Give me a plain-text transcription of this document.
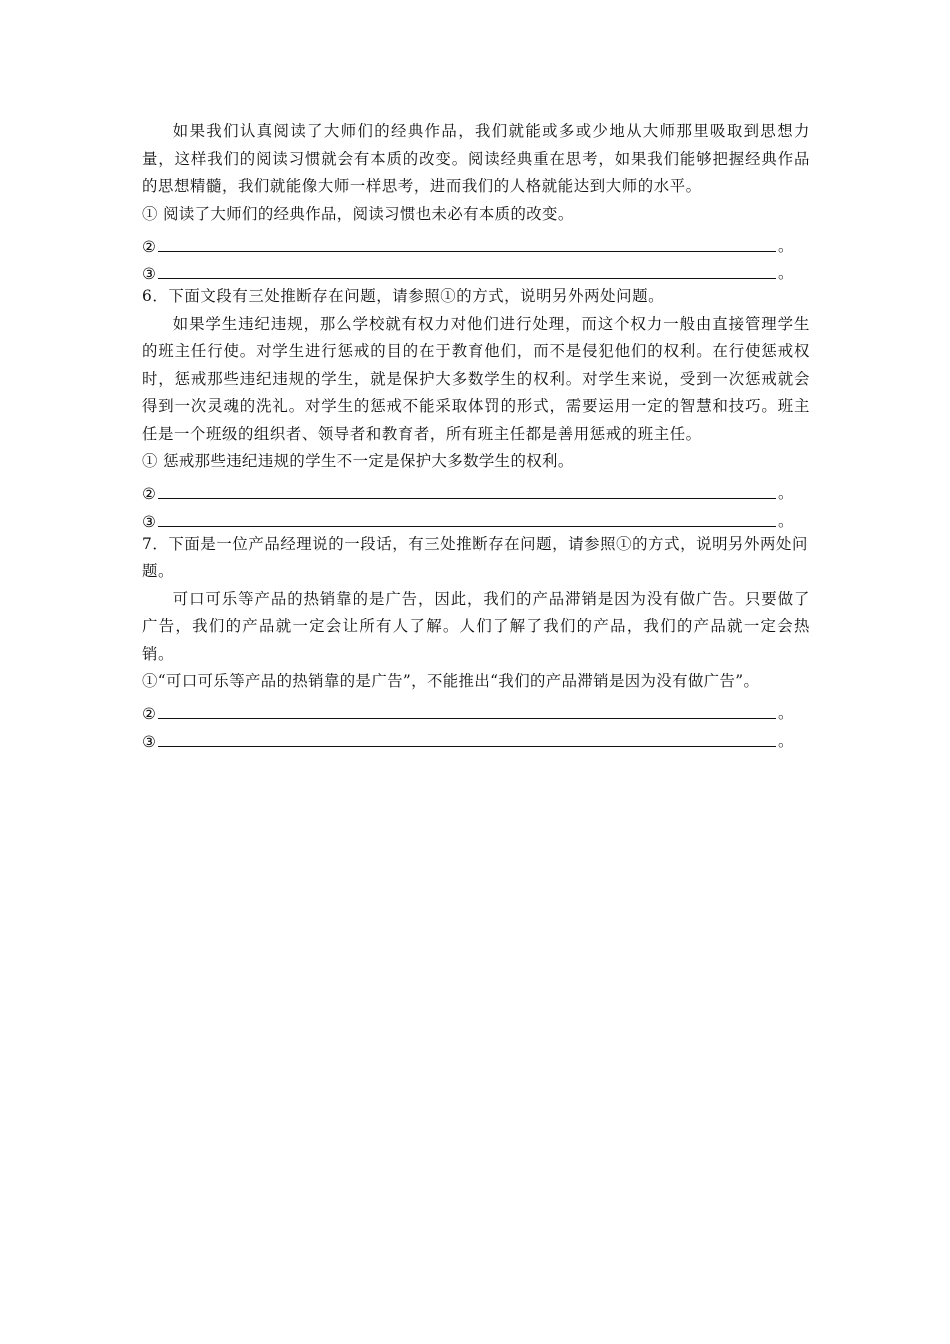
如果我们认真阅读了大师们的经典作品，我们就能或多或少地从大师那里吸取到思想力量，这样我们的阅读习惯就会有本质的改变。阅读经典重在思考，如果我们能够把握经典作品的思想精髓，我们就能像大师一样思考，进而我们的人格就能达到大师的水平。

① 阅读了大师们的经典作品，阅读习惯也未必有本质的改变。

②	。
③	。

6．下面文段有三处推断存在问题，请参照①的方式，说明另外两处问题。

如果学生违纪违规，那么学校就有权力对他们进行处理，而这个权力一般由直接管理学生的班主任行使。对学生进行惩戒的目的在于教育他们，而不是侵犯他们的权利。在行使惩戒权时，惩戒那些违纪违规的学生，就是保护大多数学生的权利。对学生来说，受到一次惩戒就会得到一次灵魂的洗礼。对学生的惩戒不能采取体罚的形式，需要运用一定的智慧和技巧。班主任是一个班级的组织者、领导者和教育者，所有班主任都是善用惩戒的班主任。

① 惩戒那些违纪违规的学生不一定是保护大多数学生的权利。

②	。
③	。

7．下面是一位产品经理说的一段话，有三处推断存在问题，请参照①的方式，说明另外两处问题。

可口可乐等产品的热销靠的是广告，因此，我们的产品滞销是因为没有做广告。只要做了广告，我们的产品就一定会让所有人了解。人们了解了我们的产品，我们的产品就一定会热销。

①“可口可乐等产品的热销靠的是广告”，不能推出“我们的产品滞销是因为没有做广告”。

②	。
③	。
